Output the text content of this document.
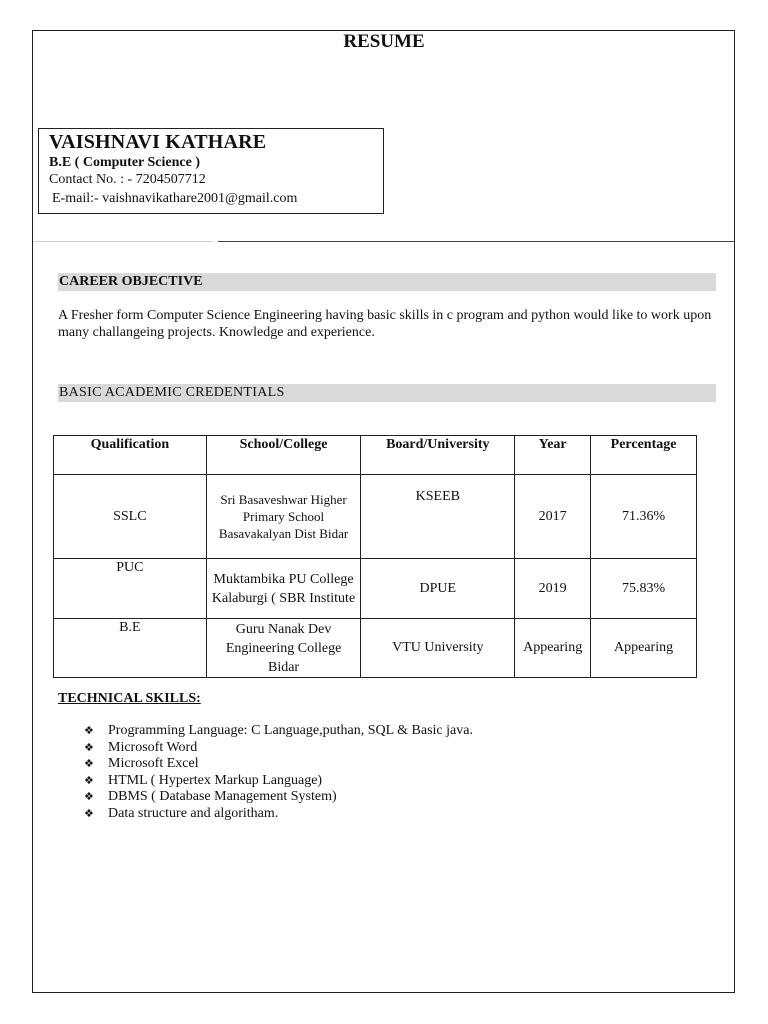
RESUME
VAISHNAVI KATHARE
B.E ( Computer Science )
Contact No. : - 7204507712
E-mail:- vaishnavikathare2001@gmail.com
CAREER OBJECTIVE
A Fresher form Computer Science Engineering having basic skills in c program and python would like to work upon many challangeing projects. Knowledge and experience.
BASIC ACADEMIC CREDENTIALS
Qualification	School/College	Board/University	Year	Percentage
SSLC	Sri Basaveshwar Higher Primary School Basavakalyan Dist Bidar	KSEEB	2017	71.36%
PUC	Muktambika PU College Kalaburgi ( SBR Institute	DPUE	2019	75.83%
B.E	Guru Nanak Dev Engineering College Bidar	VTU University	Appearing	Appearing
TECHNICAL SKILLS:
❖ Programming Language: C Language,puthan, SQL & Basic java.
❖ Microsoft Word
❖ Microsoft Excel
❖ HTML ( Hypertex Markup Language)
❖ DBMS ( Database Management System)
❖ Data structure and algoritham.
